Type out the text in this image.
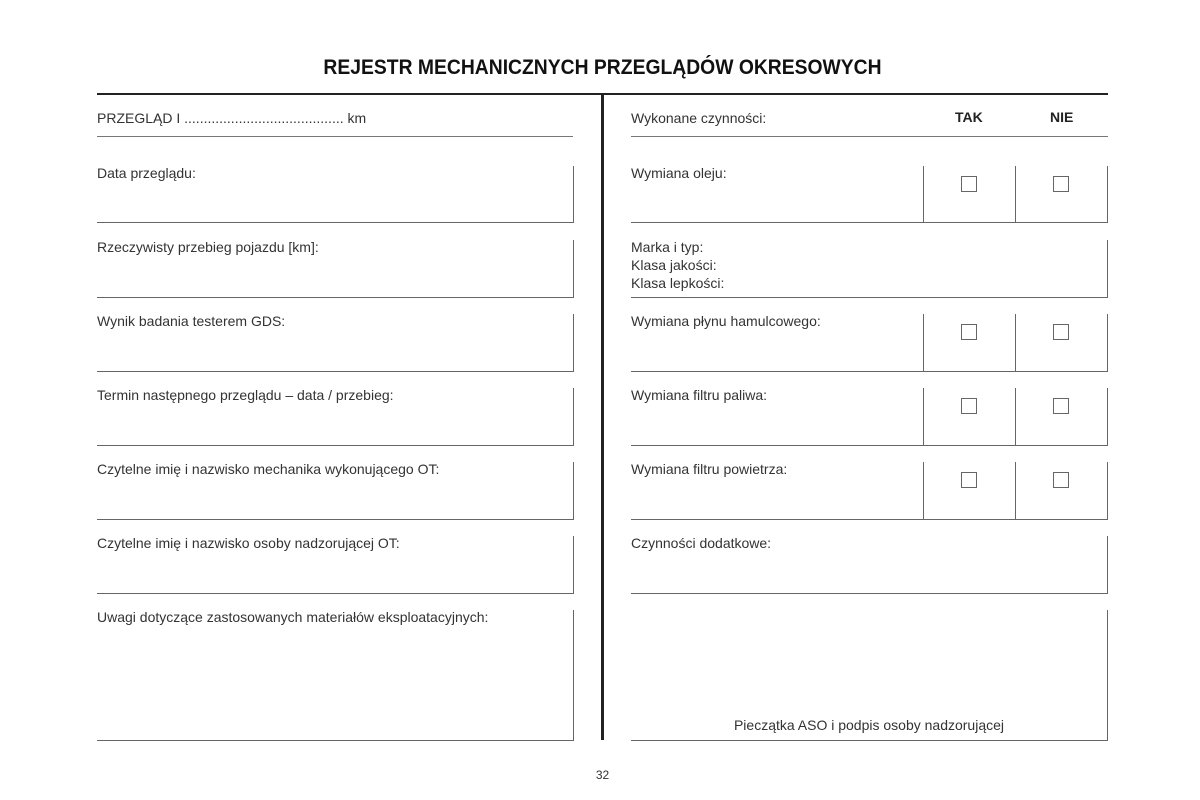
REJESTR MECHANICZNYCH PRZEGLĄDÓW OKRESOWYCH
PRZEGLĄD I ......................................... km
Data przeglądu:
Rzeczywisty przebieg pojazdu [km]:
Wynik badania testerem GDS:
Termin następnego przeglądu – data / przebieg:
Czytelne imię i nazwisko mechanika wykonującego OT:
Czytelne imię i nazwisko osoby nadzorującej OT:
Uwagi dotyczące zastosowanych materiałów eksploatacyjnych:
Wykonane czynności:	TAK	NIE
Wymiana oleju:
Marka i typ:
Klasa jakości:
Klasa lepkości:
Wymiana płynu hamulcowego:
Wymiana filtru paliwa:
Wymiana filtru powietrza:
Czynności dodatkowe:
Pieczątka ASO i podpis osoby nadzorującej
32
